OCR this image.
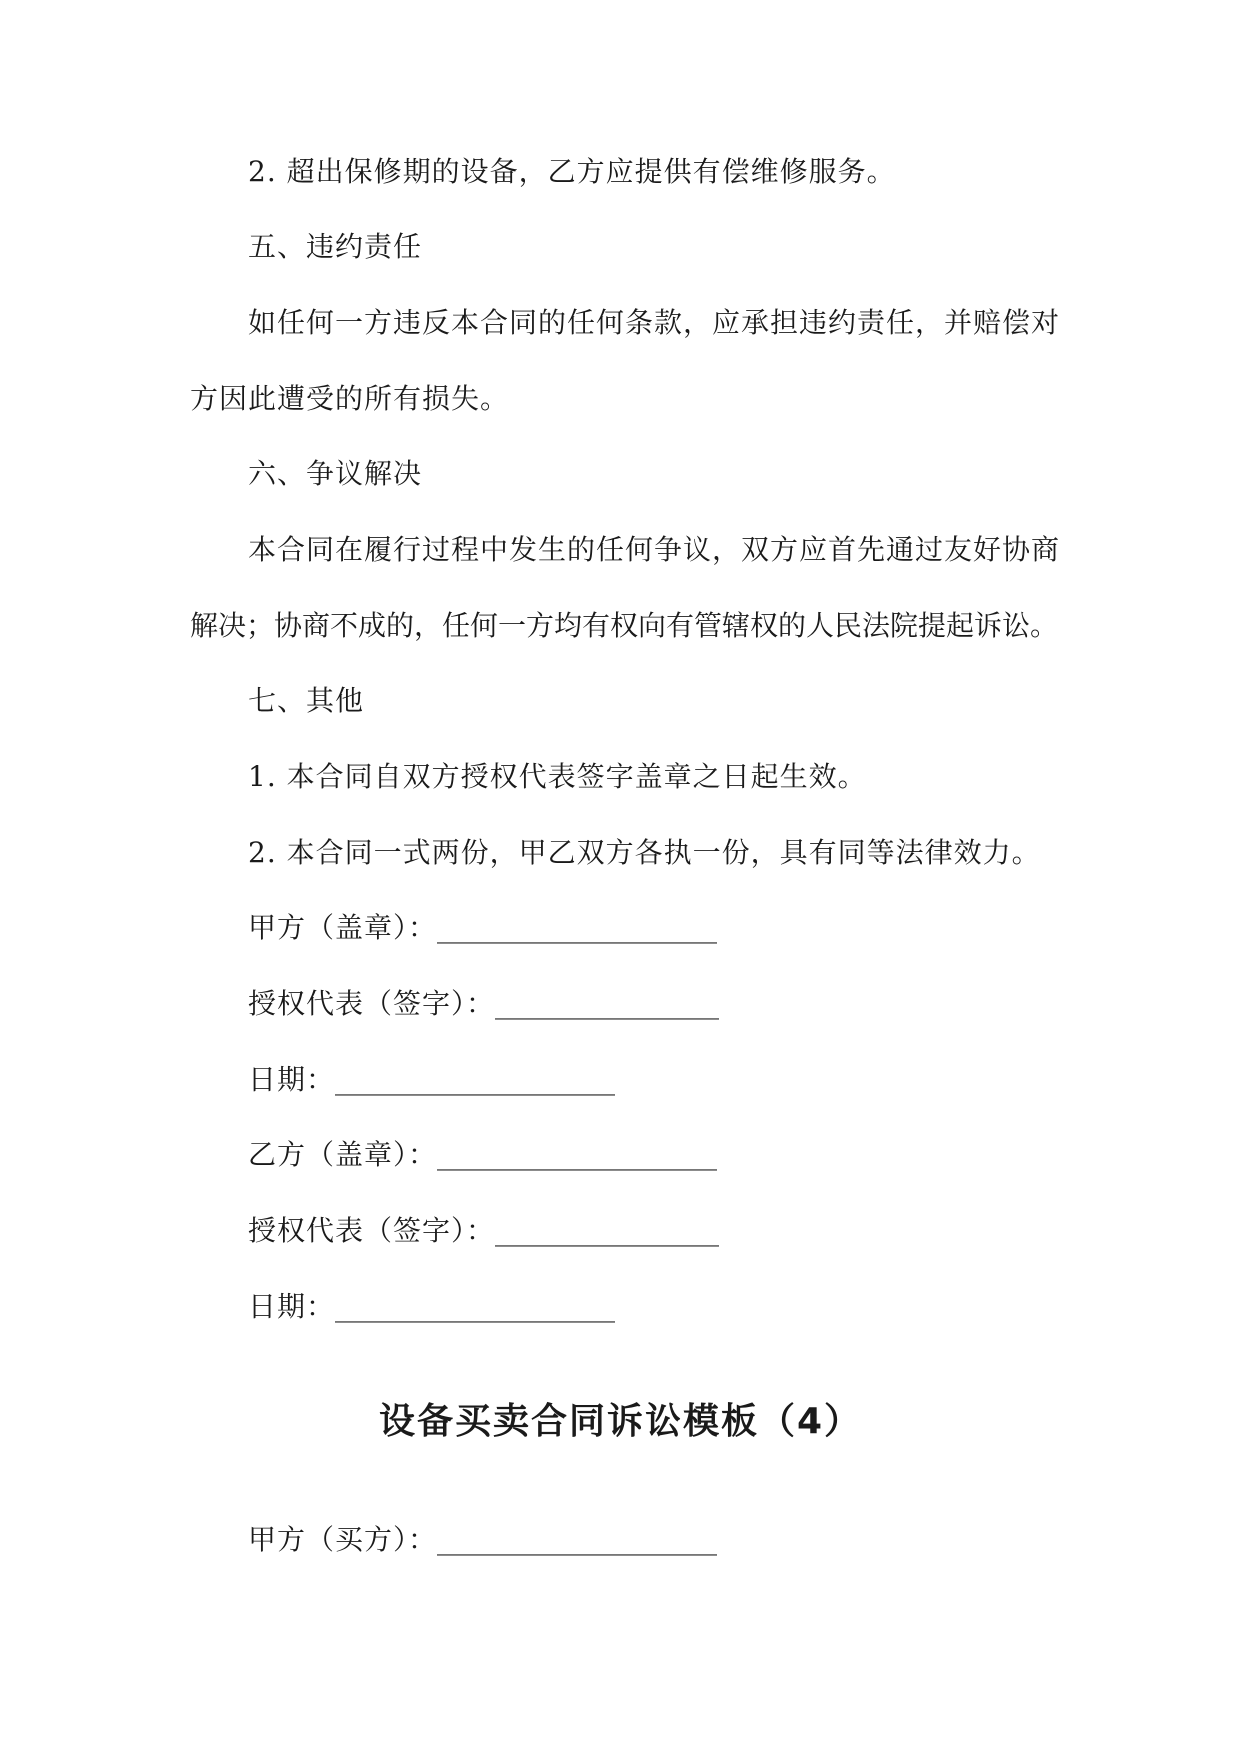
2. 超出保修期的设备，乙方应提供有偿维修服务。
五、违约责任
如任何一方违反本合同的任何条款，应承担违约责任，并赔偿对
方因此遭受的所有损失。
六、争议解决
本合同在履行过程中发生的任何争议，双方应首先通过友好协商
解决；协商不成的，任何一方均有权向有管辖权的人民法院提起诉讼。
七、其他
1. 本合同自双方授权代表签字盖章之日起生效。
2. 本合同一式两份，甲乙双方各执一份，具有同等法律效力。
甲方（盖章）：____________________
授权代表（签字）：________________
日期：____________________
乙方（盖章）：____________________
授权代表（签字）：________________
日期：____________________
设备买卖合同诉讼模板（4）
甲方（买方）：____________________
